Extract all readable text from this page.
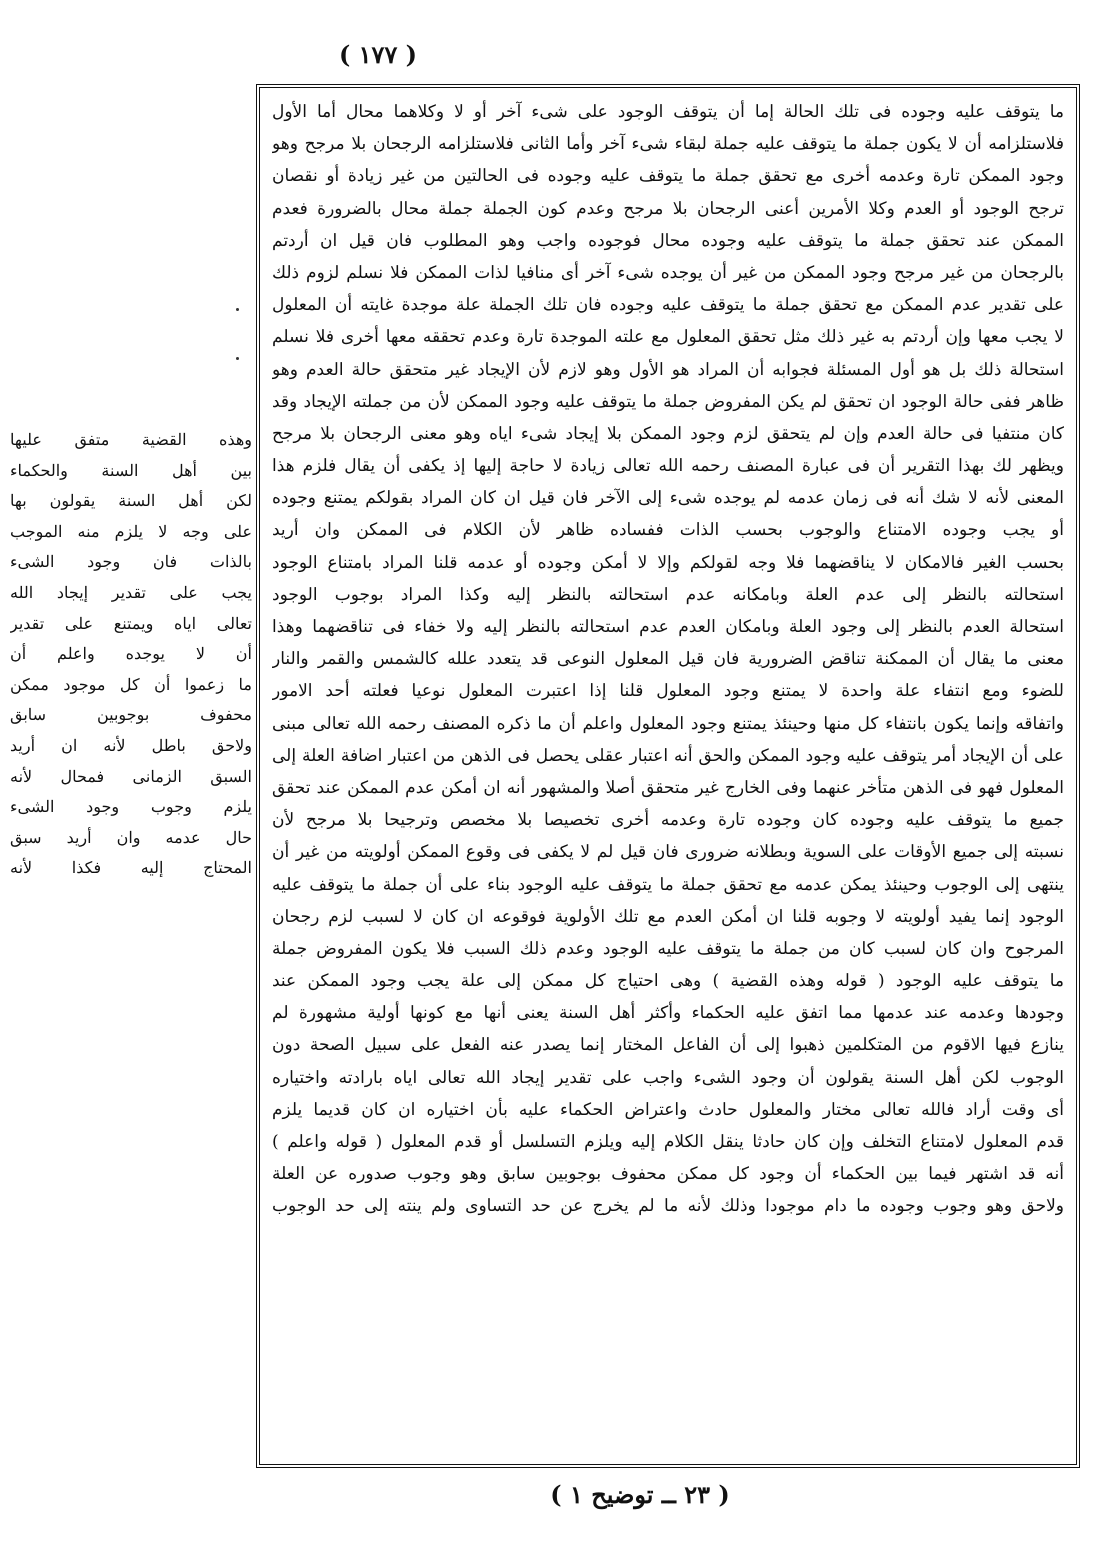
( ١٧٧ )
وهذه القضية متفق عليها
بين أهل السنة والحكماء
لكن أهل السنة يقولون بها
على وجه لا يلزم منه الموجب
بالذات فان وجود الشىء
يجب على تقدير إيجاد الله
تعالى اياه ويمتنع على تقدير
أن لا يوجده واعلم أن
ما زعموا أن كل موجود ممكن
محفوف بوجوبين سابق
ولاحق باطل لأنه ان أريد
السبق الزمانى فمحال لأنه
يلزم وجوب وجود الشىء
حال عدمه وان أريد سبق
المحتاج إليه فكذا لأنه
ما يتوقف عليه وجوده فى تلك الحالة إما أن يتوقف الوجود على شىء آخر أو لا وكلاهما محال أما الأول
فلاستلزامه أن لا يكون جملة ما يتوقف عليه جملة لبقاء شىء آخر وأما الثانى فلاستلزامه الرجحان بلا مرجح وهو
وجود الممكن تارة وعدمه أخرى مع تحقق جملة ما يتوقف عليه وجوده فى الحالتين من غير زيادة أو نقصان
ترجح الوجود أو العدم وكلا الأمرين أعنى الرجحان بلا مرجح وعدم كون الجملة جملة محال بالضرورة فعدم
الممكن عند تحقق جملة ما يتوقف عليه وجوده محال فوجوده واجب وهو المطلوب فان قيل ان أردتم
بالرجحان من غير مرجح وجود الممكن من غير أن يوجده شىء آخر أى منافيا لذات الممكن فلا نسلم لزوم ذلك
على تقدير عدم الممكن مع تحقق جملة ما يتوقف عليه وجوده فان تلك الجملة علة موجدة غايته أن المعلول
لا يجب معها وإن أردتم به غير ذلك مثل تحقق المعلول مع علته الموجدة تارة وعدم تحققه معها أخرى فلا نسلم
استحالة ذلك بل هو أول المسئلة فجوابه أن المراد هو الأول وهو لازم لأن الإيجاد غير متحقق حالة العدم وهو
ظاهر ففى حالة الوجود ان تحقق لم يكن المفروض جملة ما يتوقف عليه وجود الممكن لأن من جملته الإيجاد وقد
كان منتفيا فى حالة العدم وإن لم يتحقق لزم وجود الممكن بلا إيجاد شىء اياه وهو معنى الرجحان بلا مرجح
ويظهر لك بهذا التقرير أن فى عبارة المصنف رحمه الله تعالى زيادة لا حاجة إليها إذ يكفى أن يقال فلزم هذا
المعنى لأنه لا شك أنه فى زمان عدمه لم يوجده شىء إلى الآخر فان قيل ان كان المراد بقولكم يمتنع وجوده
أو يجب وجوده الامتناع والوجوب بحسب الذات ففساده ظاهر لأن الكلام فى الممكن وان أريد
بحسب الغير فالامكان لا يناقضهما فلا وجه لقولكم وإلا لا أمكن وجوده أو عدمه قلنا المراد بامتناع الوجود
استحالته بالنظر إلى عدم العلة وبامكانه عدم استحالته بالنظر إليه وكذا المراد بوجوب الوجود
استحالة العدم بالنظر إلى وجود العلة وبامكان العدم عدم استحالته بالنظر إليه ولا خفاء فى تناقضهما وهذا
معنى ما يقال أن الممكنة تناقض الضرورية فان قيل المعلول النوعى قد يتعدد علله كالشمس والقمر والنار
للضوء ومع انتفاء علة واحدة لا يمتنع وجود المعلول قلنا إذا اعتبرت المعلول نوعيا فعلته أحد الامور
واتفاقه وإنما يكون بانتفاء كل منها وحينئذ يمتنع وجود المعلول واعلم أن ما ذكره المصنف رحمه الله تعالى مبنى
على أن الإيجاد أمر يتوقف عليه وجود الممكن والحق أنه اعتبار عقلى يحصل فى الذهن من اعتبار اضافة العلة إلى
المعلول فهو فى الذهن متأخر عنهما وفى الخارج غير متحقق أصلا والمشهور أنه ان أمكن عدم الممكن عند تحقق
جميع ما يتوقف عليه وجوده كان وجوده تارة وعدمه أخرى تخصيصا بلا مخصص وترجيحا بلا مرجح لأن
نسبته إلى جميع الأوقات على السوية وبطلانه ضرورى فان قيل لم لا يكفى فى وقوع الممكن أولويته من غير أن
ينتهى إلى الوجوب وحينئذ يمكن عدمه مع تحقق جملة ما يتوقف عليه الوجود بناء على أن جملة ما يتوقف عليه
الوجود إنما يفيد أولويته لا وجوبه قلنا ان أمكن العدم مع تلك الأولوية فوقوعه ان كان لا لسبب لزم رجحان
المرجوح وان كان لسبب كان من جملة ما يتوقف عليه الوجود وعدم ذلك السبب فلا يكون المفروض جملة
ما يتوقف عليه الوجود ( قوله وهذه القضية ) وهى احتياج كل ممكن إلى علة يجب وجود الممكن عند
وجودها وعدمه عند عدمها مما اتفق عليه الحكماء وأكثر أهل السنة يعنى أنها مع كونها أولية مشهورة لم
ينازع فيها الاقوم من المتكلمين ذهبوا إلى أن الفاعل المختار إنما يصدر عنه الفعل على سبيل الصحة دون
الوجوب لكن أهل السنة يقولون أن وجود الشىء واجب على تقدير إيجاد الله تعالى اياه بارادته واختياره
أى وقت أراد فالله تعالى مختار والمعلول حادث واعتراض الحكماء عليه بأن اختياره ان كان قديما يلزم
قدم المعلول لامتناع التخلف وإن كان حادثا ينقل الكلام إليه ويلزم التسلسل أو قدم المعلول ( قوله واعلم )
أنه قد اشتهر فيما بين الحكماء أن وجود كل ممكن محفوف بوجوبين سابق وهو وجوب صدوره عن العلة
ولاحق وهو وجوب وجوده ما دام موجودا وذلك لأنه ما لم يخرج عن حد التساوى ولم ينته إلى حد الوجوب
( ٢٣ ــ توضيح ١ )
